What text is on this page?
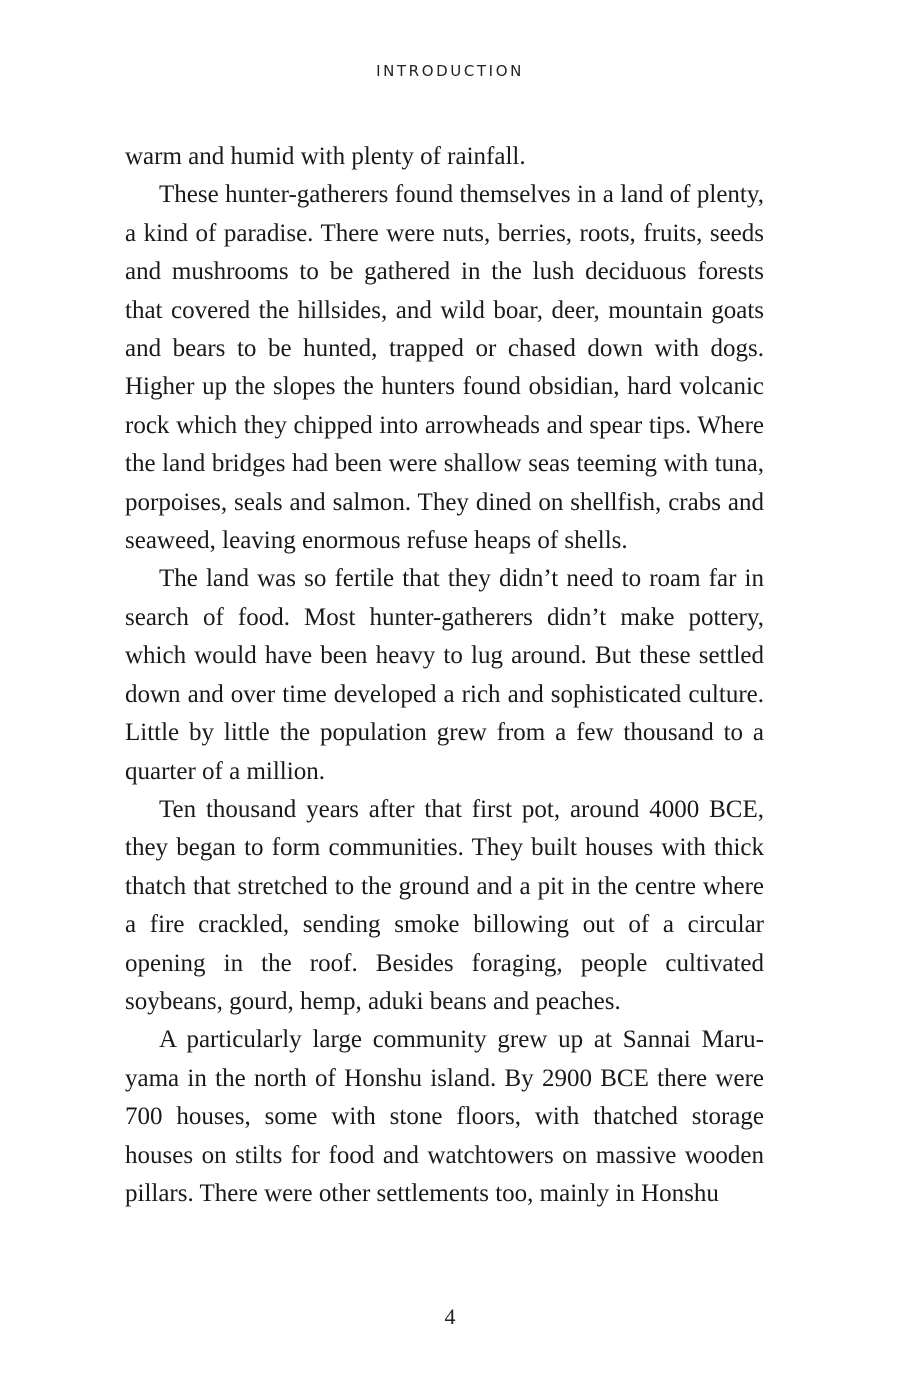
INTRODUCTION

warm and humid with plenty of rainfall.

These hunter-gatherers found themselves in a land of plenty, a kind of paradise. There were nuts, berries, roots, fruits, seeds and mushrooms to be gathered in the lush deciduous forests that covered the hillsides, and wild boar, deer, mountain goats and bears to be hunted, trapped or chased down with dogs. Higher up the slopes the hunters found obsidian, hard volcanic rock which they chipped into arrowheads and spear tips. Where the land bridges had been were shallow seas teeming with tuna, porpoises, seals and salmon. They dined on shellfish, crabs and seaweed, leaving enormous refuse heaps of shells.

The land was so fertile that they didn’t need to roam far in search of food. Most hunter-gatherers didn’t make pottery, which would have been heavy to lug around. But these settled down and over time developed a rich and sophisticated culture. Little by little the population grew from a few thousand to a quarter of a million.

Ten thousand years after that first pot, around 4000 BCE, they began to form communities. They built houses with thick thatch that stretched to the ground and a pit in the centre where a fire crackled, sending smoke billowing out of a circular opening in the roof. Besides foraging, people cultivated soybeans, gourd, hemp, aduki beans and peaches.

A particularly large community grew up at Sannai Maruyama in the north of Honshu island. By 2900 BCE there were 700 houses, some with stone floors, with thatched storage houses on stilts for food and watchtowers on massive wooden pillars. There were other settlements too, mainly in Honshu

4
